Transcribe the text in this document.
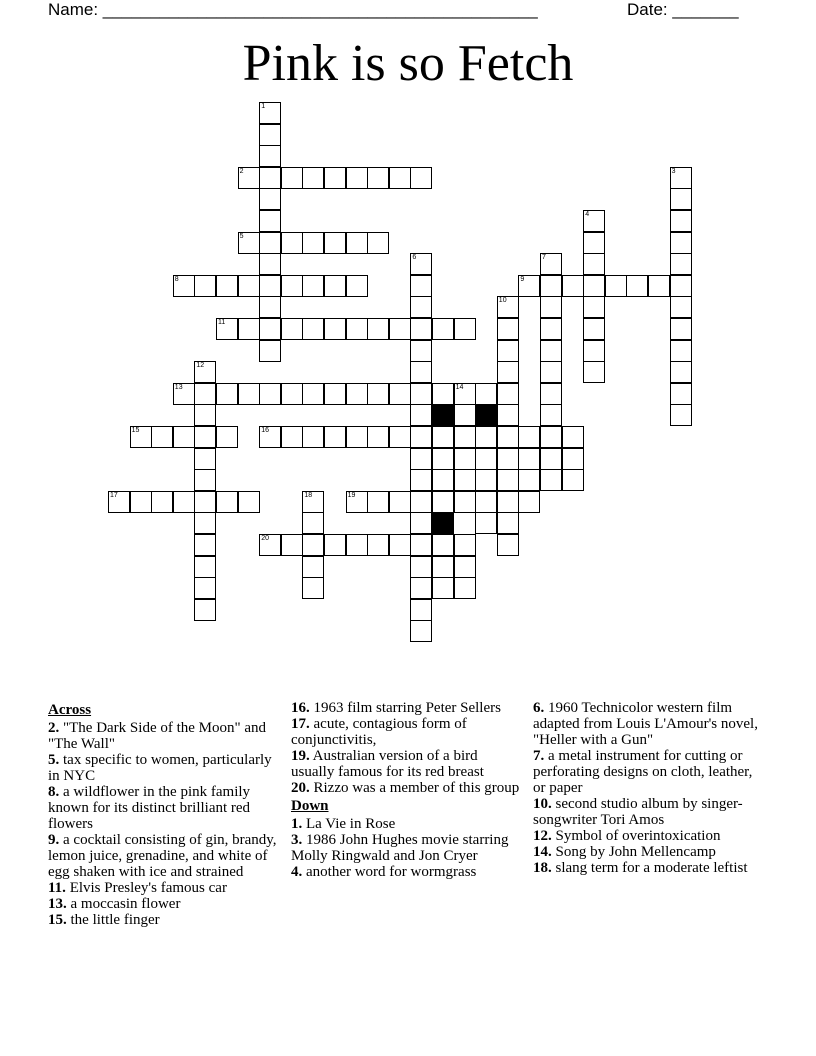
Name: ______________________________________________	Date: _______
Pink is so Fetch
1
2
5
8
11
13	14
15	16
12
17	18	19
20
6
9
7
10
4
3
Across
2. "The Dark Side of the Moon" and "The Wall"
5. tax specific to women, particularly in NYC
8. a wildflower in the pink family known for its distinct brilliant red flowers
9. a cocktail consisting of gin, brandy, lemon juice, grenadine, and white of egg shaken with ice and strained
11. Elvis Presley's famous car
13. a moccasin flower
15. the little finger
16. 1963 film starring Peter Sellers
17. acute, contagious form of conjunctivitis,
19. Australian version of a bird usually famous for its red breast
20. Rizzo was a member of this group
Down
1. La Vie in Rose
3. 1986 John Hughes movie starring Molly Ringwald and Jon Cryer
4. another word for wormgrass
6. 1960 Technicolor western film adapted from Louis L'Amour's novel, "Heller with a Gun"
7. a metal instrument for cutting or perforating designs on cloth, leather, or paper
10. second studio album by singer-songwriter Tori Amos
12. Symbol of overintoxication
14. Song by John Mellencamp
18. slang term for a moderate leftist
